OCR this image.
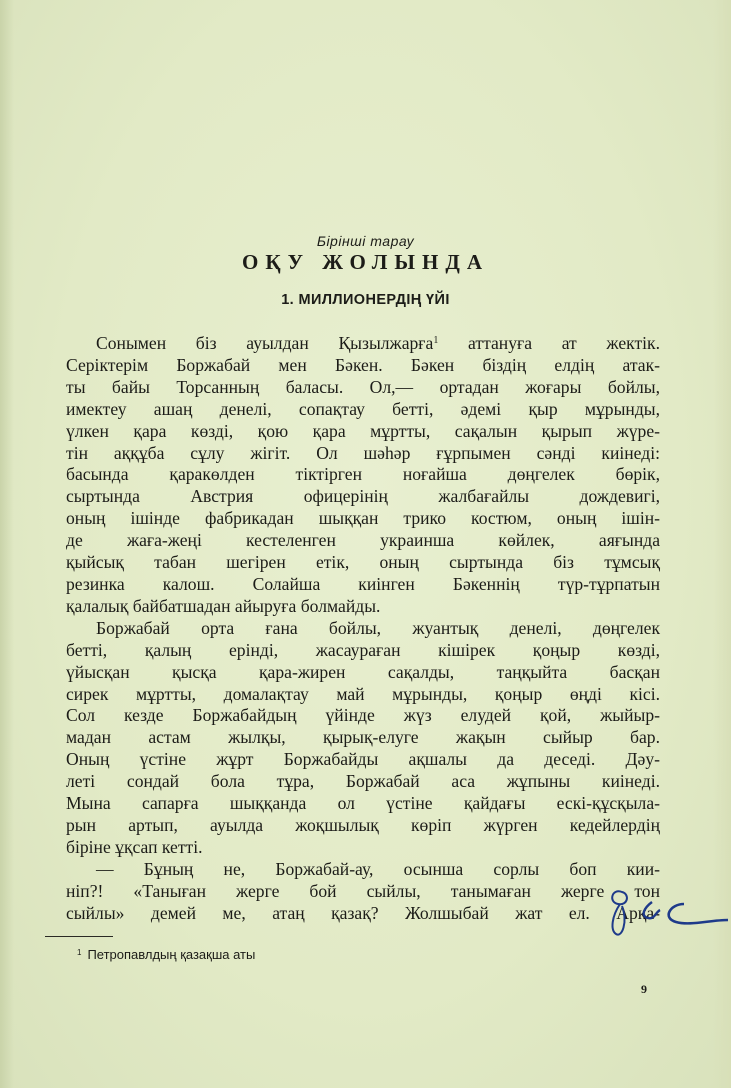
Бірінші тарау
ОҚУ ЖОЛЫНДА
1. МИЛЛИОНЕРДІҢ ҮЙІ
Сонымен біз ауылдан Қызылжарға$^1$ аттануға ат жектік.
Серіктерім Боржабай мен Бәкен. Бәкен біздің елдің атак-
ты байы Торсанның баласы. Ол,— ортадан жоғары бойлы,
имектеу ашаң денелі, сопақтау бетті, әдемі қыр мұрынды,
үлкен қара көзді, қою қара мұртты, сақалын қырып жүре-
тін аққұба сұлу жігіт. Ол шәһәр ғұрпымен сәнді киінеді:
басында қаракөлден тіктірген ноғайша дөңгелек бөрік,
сыртында Австрия офицерінің жалбағайлы дождевигі,
оның ішінде фабрикадан шыққан трико костюм, оның ішін-
де жаға-жеңі кестеленген украинша көйлек, аяғында
қыйсық табан шегірен етік, оның сыртында біз тұмсық
резинка калош. Солайша киінген Бәкеннің түр-тұрпатын
қалалық байбатшадан айыруға болмайды.
Боржабай орта ғана бойлы, жуантық денелі, дөңгелек
бетті, қалың ерінді, жасаураған кішірек қоңыр көзді,
үйысқан қысқа қара-жирен сақалды, таңқыйта басқан
сирек мұртты, домалақтау май мұрынды, қоңыр өңді кісі.
Сол кезде Боржабайдың үйінде жүз елудей қой, жыйыр-
мадан астам жылқы, қырық-елуге жақын сыйыр бар.
Оның үстіне жұрт Боржабайды ақшалы да деседі. Дәу-
леті сондай бола тұра, Боржабай аса жұпыны киінеді.
Мына сапарға шыққанда ол үстіне қайдағы ескі-құсқыла-
рын артып, ауылда жоқшылық көріп жүрген кедейлердің
біріне ұқсап кетті.
— Бұның не, Боржабай-ау, осынша сорлы боп кии-
ніп?! «Таныған жерге бой сыйлы, танымаған жерге тон
сыйлы» демей ме, атаң қазақ? Жолшыбай жат ел. Арқа-
$^1$ Петропавлдың қазақша аты
9
